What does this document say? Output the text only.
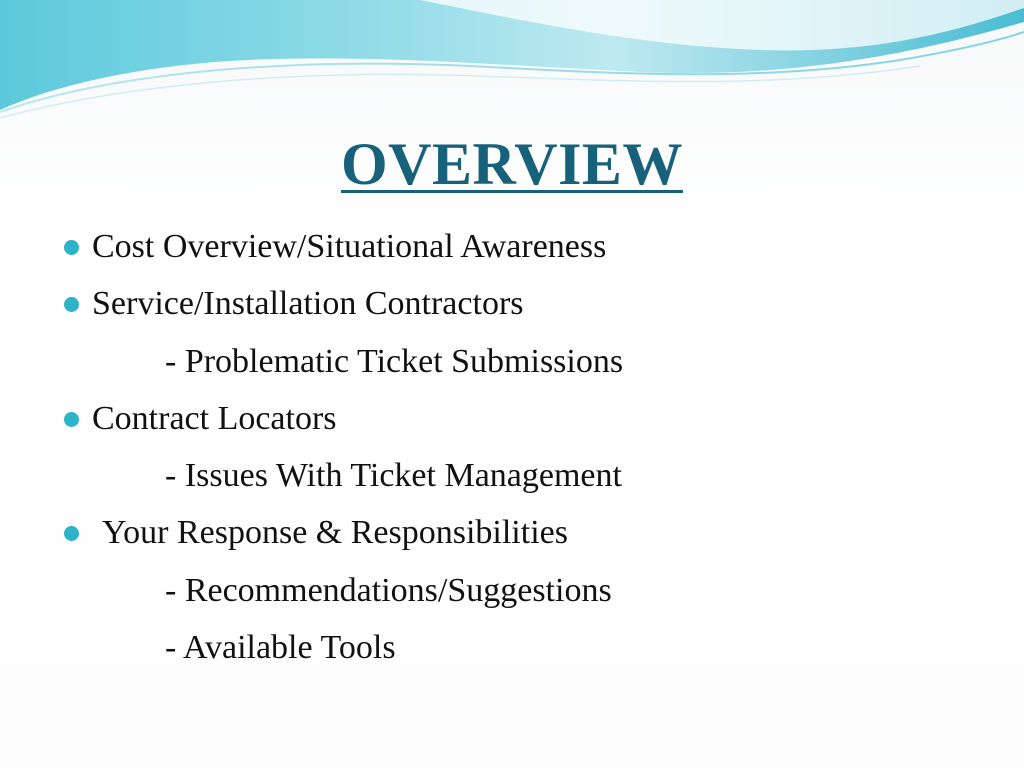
OVERVIEW
Cost Overview/Situational Awareness
Service/Installation Contractors
- Problematic Ticket Submissions
Contract Locators
- Issues With Ticket Management
Your Response & Responsibilities
- Recommendations/Suggestions
- Available Tools
